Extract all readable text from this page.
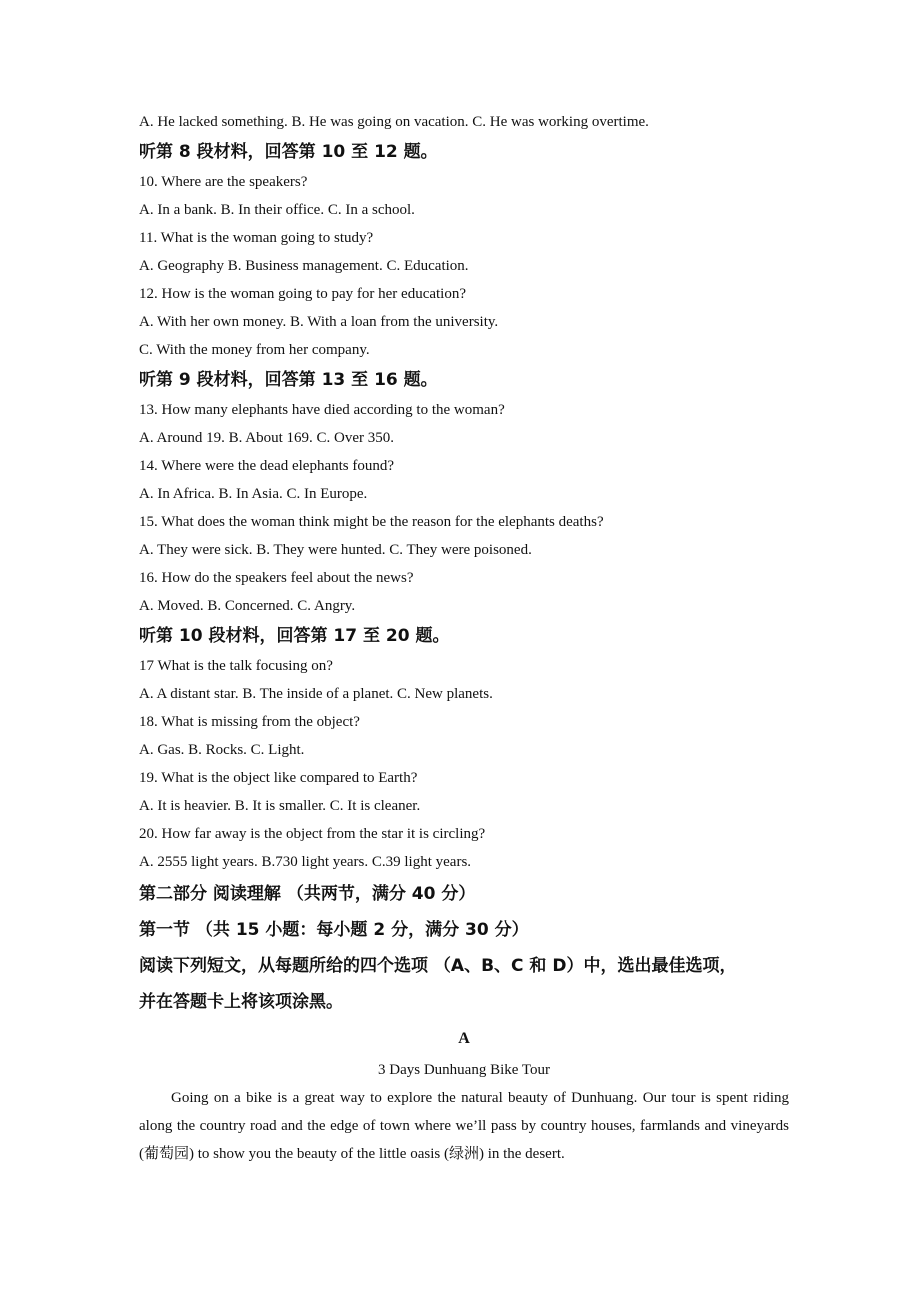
A. He lacked something. B. He was going on vacation. C. He was working overtime.
听第 8 段材料，回答第 10 至 12 题。
10. Where are the speakers?
A. In a bank. B. In their office. C. In a school.
11. What is the woman going to study?
A. Geography B. Business management. C. Education.
12. How is the woman going to pay for her education?
A. With her own money. B. With a loan from the university.
C. With the money from her company.
听第 9 段材料，回答第 13 至 16 题。
13. How many elephants have died according to the woman?
A. Around 19. B. About 169. C. Over 350.
14. Where were the dead elephants found?
A. In Africa. B. In Asia. C. In Europe.
15. What does the woman think might be the reason for the elephants deaths?
A. They were sick. B. They were hunted. C. They were poisoned.
16. How do the speakers feel about the news?
A. Moved. B. Concerned. C. Angry.
听第 10 段材料，回答第 17 至 20 题。
17 What is the talk focusing on?
A. A distant star. B. The inside of a planet. C. New planets.
18. What is missing from the object?
A. Gas. B. Rocks. C. Light.
19. What is the object like compared to Earth?
A. It is heavier. B. It is smaller. C. It is cleaner.
20. How far away is the object from the star it is circling?
A. 2555 light years. B.730 light years. C.39 light years.
第二部分 阅读理解 （共两节，满分 40 分）
第一节 （共 15 小题：每小题 2 分，满分 30 分）
阅读下列短文，从每题所给的四个选项 （A、B、C 和 D）中，选出最佳选项，
并在答题卡上将该项涂黑。
A
3 Days Dunhuang Bike Tour
Going on a bike is a great way to explore the natural beauty of Dunhuang. Our tour is spent riding along the country road and the edge of town where we’ll pass by country houses, farmlands and vineyards (葡萄园) to show you the beauty of the little oasis (绿洲) in the desert.
